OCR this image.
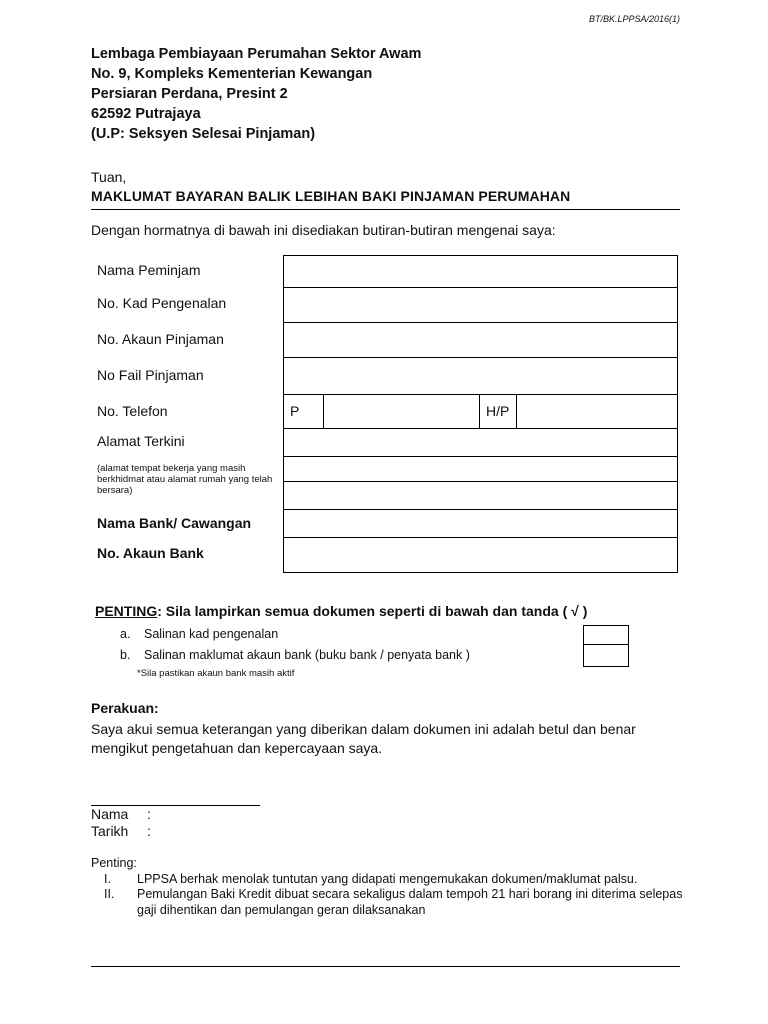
BT/BK.LPPSA/2016(1)
Lembaga Pembiayaan Perumahan Sektor Awam
No. 9, Kompleks Kementerian Kewangan
Persiaran Perdana, Presint 2
62592 Putrajaya
(U.P: Seksyen Selesai Pinjaman)
Tuan,
MAKLUMAT BAYARAN BALIK LEBIHAN BAKI PINJAMAN PERUMAHAN
Dengan hormatnya di bawah ini disediakan butiran-butiran mengenai saya:
Nama Peminjam
No. Kad Pengenalan
No. Akaun Pinjaman
No Fail Pinjaman
No. Telefon
Alamat Terkini
(alamat tempat bekerja yang masih berkhidmat atau alamat rumah yang telah bersara)
Nama Bank/ Cawangan
No. Akaun Bank
P	H/P
PENTING: Sila lampirkan semua dokumen seperti di bawah dan tanda ( √ )
a. Salinan kad pengenalan
b. Salinan maklumat akaun bank (buku bank / penyata bank )
*Sila pastikan akaun bank masih aktif
Perakuan:
Saya akui semua keterangan yang diberikan dalam dokumen ini adalah betul dan benar mengikut pengetahuan dan kepercayaan saya.
Nama :
Tarikh :
Penting:
I. LPPSA berhak menolak tuntutan yang didapati mengemukakan dokumen/maklumat palsu.
II. Pemulangan Baki Kredit dibuat secara sekaligus dalam tempoh 21 hari borang ini diterima selepas gaji dihentikan dan pemulangan geran dilaksanakan
